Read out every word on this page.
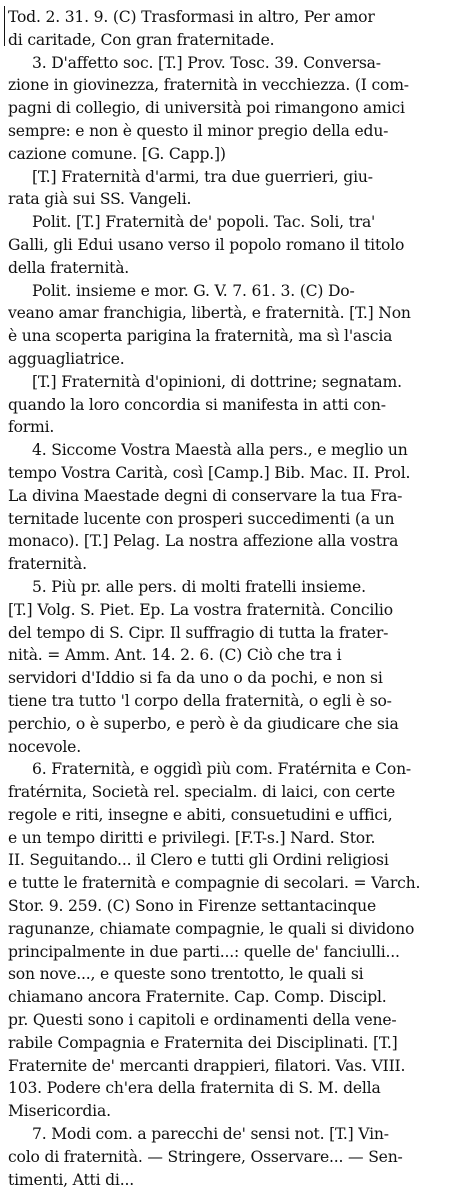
Tod. 2. 31. 9. (C) Trasformasi in altro, Per amor
di caritade, Con gran fraternitade.
3. D'affetto soc. [T.] Prov. Tosc. 39. Conversa-
zione in giovinezza, fraternità in vecchiezza. (I com-
pagni di collegio, di università poi rimangono amici
sempre: e non è questo il minor pregio della edu-
cazione comune. [G. Capp.])
[T.] Fraternità d'armi, tra due guerrieri, giu-
rata già sui SS. Vangeli.
Polit. [T.] Fraternità de' popoli. Tac. Soli, tra'
Galli, gli Edui usano verso il popolo romano il titolo
della fraternità.
Polit. insieme e mor. G. V. 7. 61. 3. (C) Do-
veano amar franchigia, libertà, e fraternità. [T.] Non
è una scoperta parigina la fraternità, ma sì l'ascia
agguagliatrice.
[T.] Fraternità d'opinioni, di dottrine; segnatam.
quando la loro concordia si manifesta in atti con-
formi.
4. Siccome Vostra Maestà alla pers., e meglio un
tempo Vostra Carità, così [Camp.] Bib. Mac. II. Prol.
La divina Maestade degni di conservare la tua Fra-
ternitade lucente con prosperi succedimenti (a un
monaco). [T.] Pelag. La nostra affezione alla vostra
fraternità.
5. Più pr. alle pers. di molti fratelli insieme.
[T.] Volg. S. Piet. Ep. La vostra fraternità. Concilio
del tempo di S. Cipr. Il suffragio di tutta la frater-
nità. = Amm. Ant. 14. 2. 6. (C) Ciò che tra i
servidori d'Iddio si fa da uno o da pochi, e non si
tiene tra tutto 'l corpo della fraternità, o egli è so-
perchio, o è superbo, e però è da giudicare che sia
nocevole.
6. Fraternità, e oggidì più com. Fratérnita e Con-
fratérnita, Società rel. specialm. di laici, con certe
regole e riti, insegne e abiti, consuetudini e uffici,
e un tempo diritti e privilegi. [F.T-s.] Nard. Stor.
II. Seguitando... il Clero e tutti gli Ordini religiosi
e tutte le fraternità e compagnie di secolari. = Varch.
Stor. 9. 259. (C) Sono in Firenze settantacinque
ragunanze, chiamate compagnie, le quali si dividono
principalmente in due parti...: quelle de' fanciulli...
son nove..., e queste sono trentotto, le quali si
chiamano ancora Fraternite. Cap. Comp. Discipl.
pr. Questi sono i capitoli e ordinamenti della vene-
rabile Compagnia e Fraternita dei Disciplinati. [T.]
Fraternite de' mercanti drappieri, filatori. Vas. VIII.
103. Podere ch'era della fraternita di S. M. della
Misericordia.
7. Modi com. a parecchi de' sensi not. [T.] Vin-
colo di fraternità. — Stringere, Osservare... — Sen-
timenti, Atti di...
